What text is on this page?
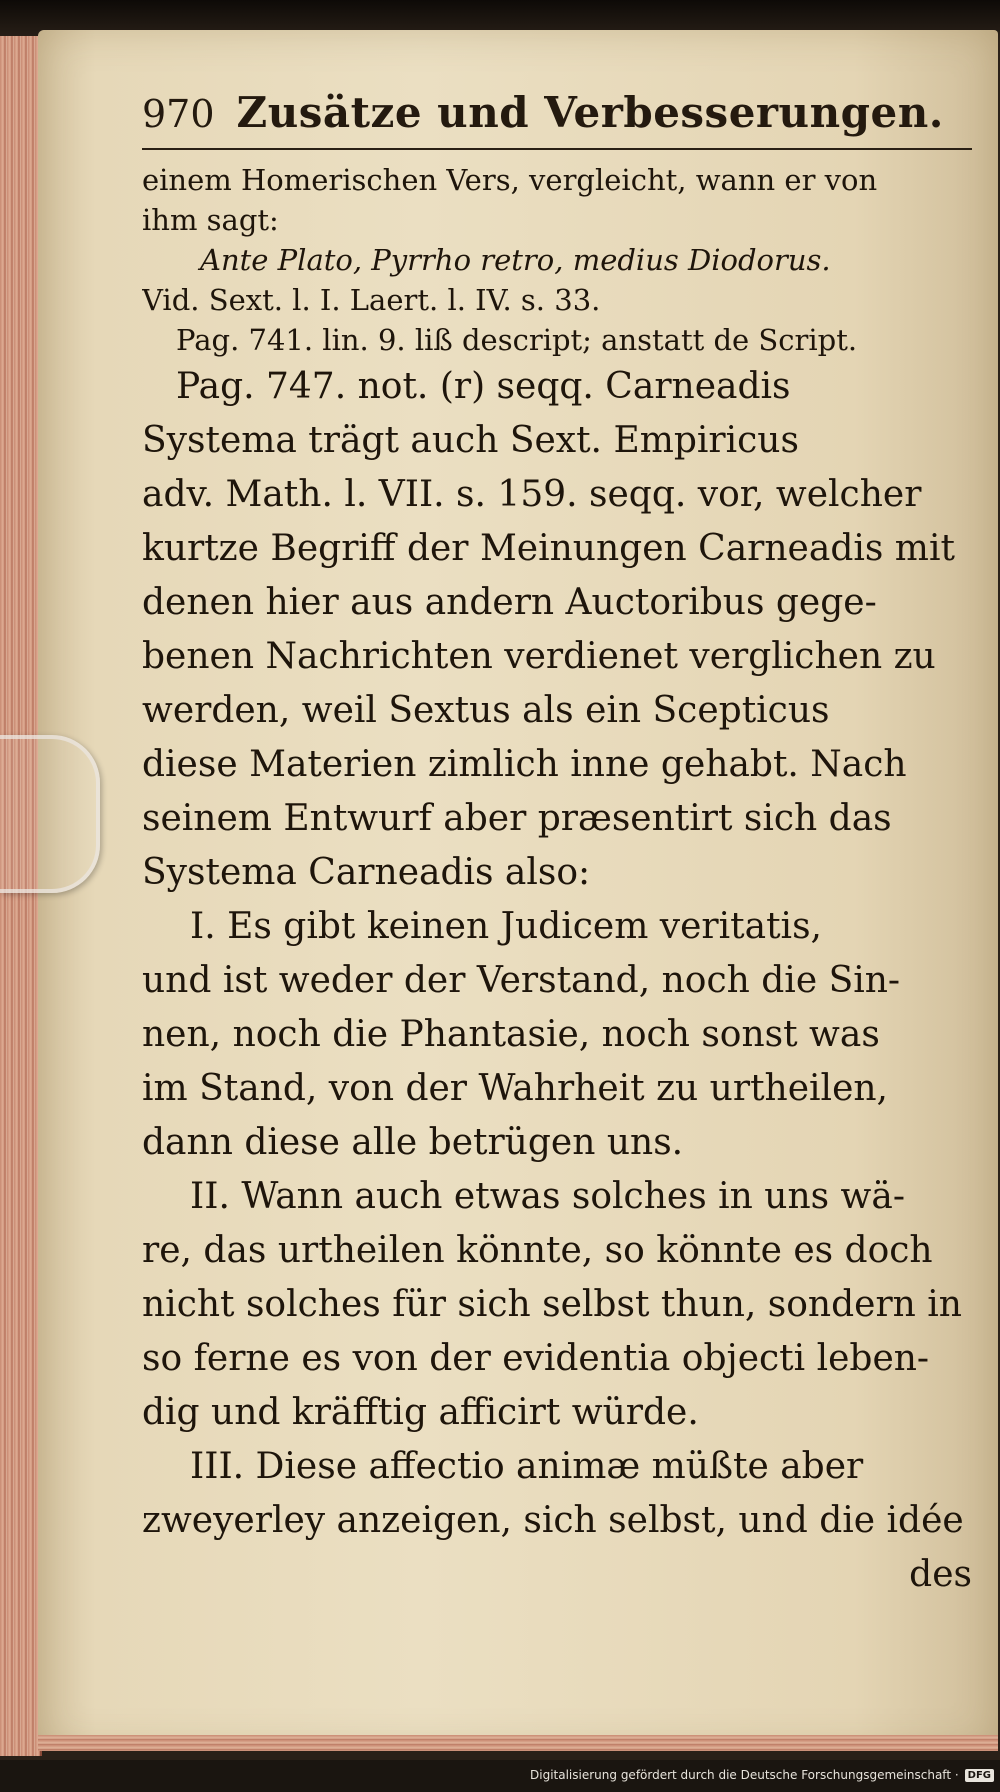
970 Zusätze und Verbesserungen.
einem Homerischen Vers, vergleicht, wann er von
ihm sagt:
Ante Plato, Pyrrho retro, medius Diodorus.
Vid. Sext. l. I. Laert. l. IV. s. 33.
Pag. 741. lin. 9. liß descript; anstatt de Script.
Pag. 747. not. (r) seqq. Carneadis
Systema trägt auch Sext. Empiricus
adv. Math. l. VII. s. 159. seqq. vor, welcher
kurtze Begriff der Meinungen Carneadis mit
denen hier aus andern Auctoribus gege-
benen Nachrichten verdienet verglichen zu
werden, weil Sextus als ein Scepticus
diese Materien zimlich inne gehabt. Nach
seinem Entwurf aber præsentirt sich das
Systema Carneadis also:
I. Es gibt keinen Judicem veritatis,
und ist weder der Verstand, noch die Sin-
nen, noch die Phantasie, noch sonst was
im Stand, von der Wahrheit zu urtheilen,
dann diese alle betrügen uns.
II. Wann auch etwas solches in uns wä-
re, das urtheilen könnte, so könnte es doch
nicht solches für sich selbst thun, sondern in
so ferne es von der evidentia objecti leben-
dig und kräfftig afficirt würde.
III. Diese affectio animæ müßte aber
zweyerley anzeigen, sich selbst, und die idée
des
Digitalisierung gefördert durch die Deutsche Forschungsgemeinschaft · DFG
